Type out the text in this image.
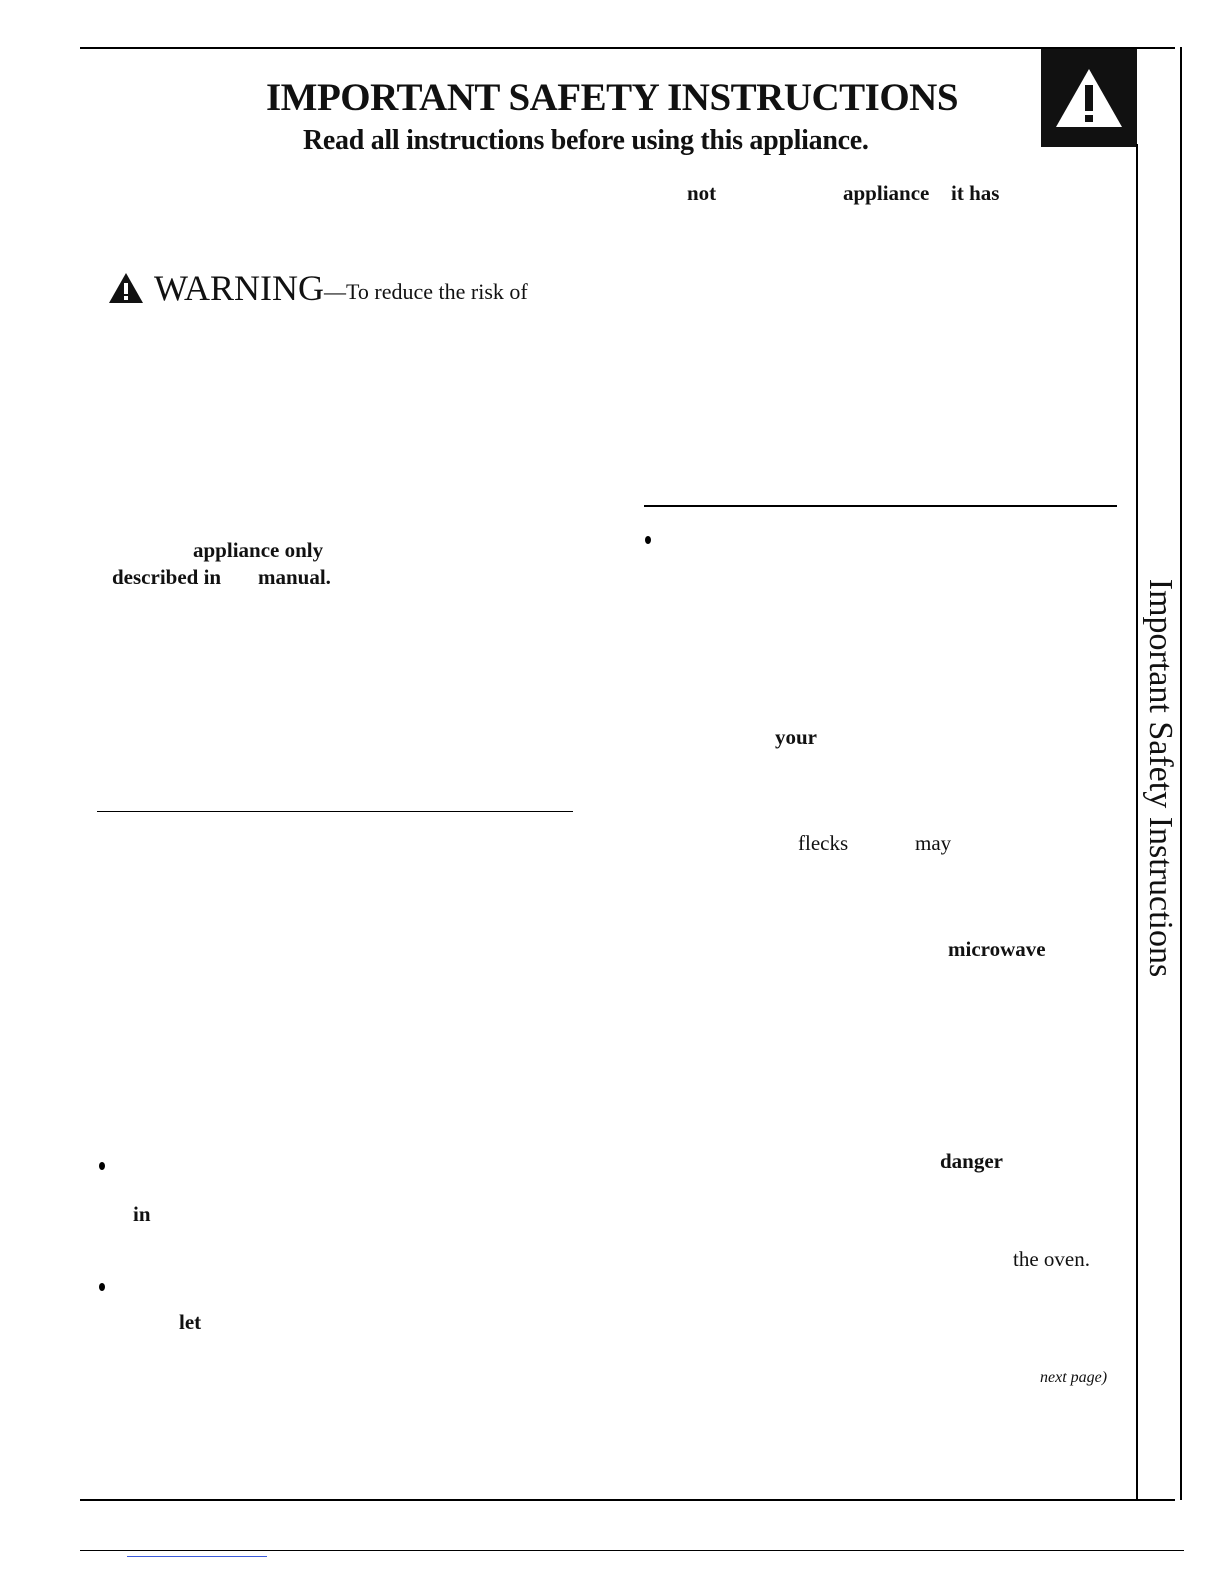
IMPORTANT SAFETY INSTRUCTIONS
Read all instructions before using this appliance.
Important Safety Instructions
not	appliance it has
WARNING —To reduce the risk of
appliance only
described in manual.
your
flecks	may
microwave
danger
in
the oven.
let
next page)
